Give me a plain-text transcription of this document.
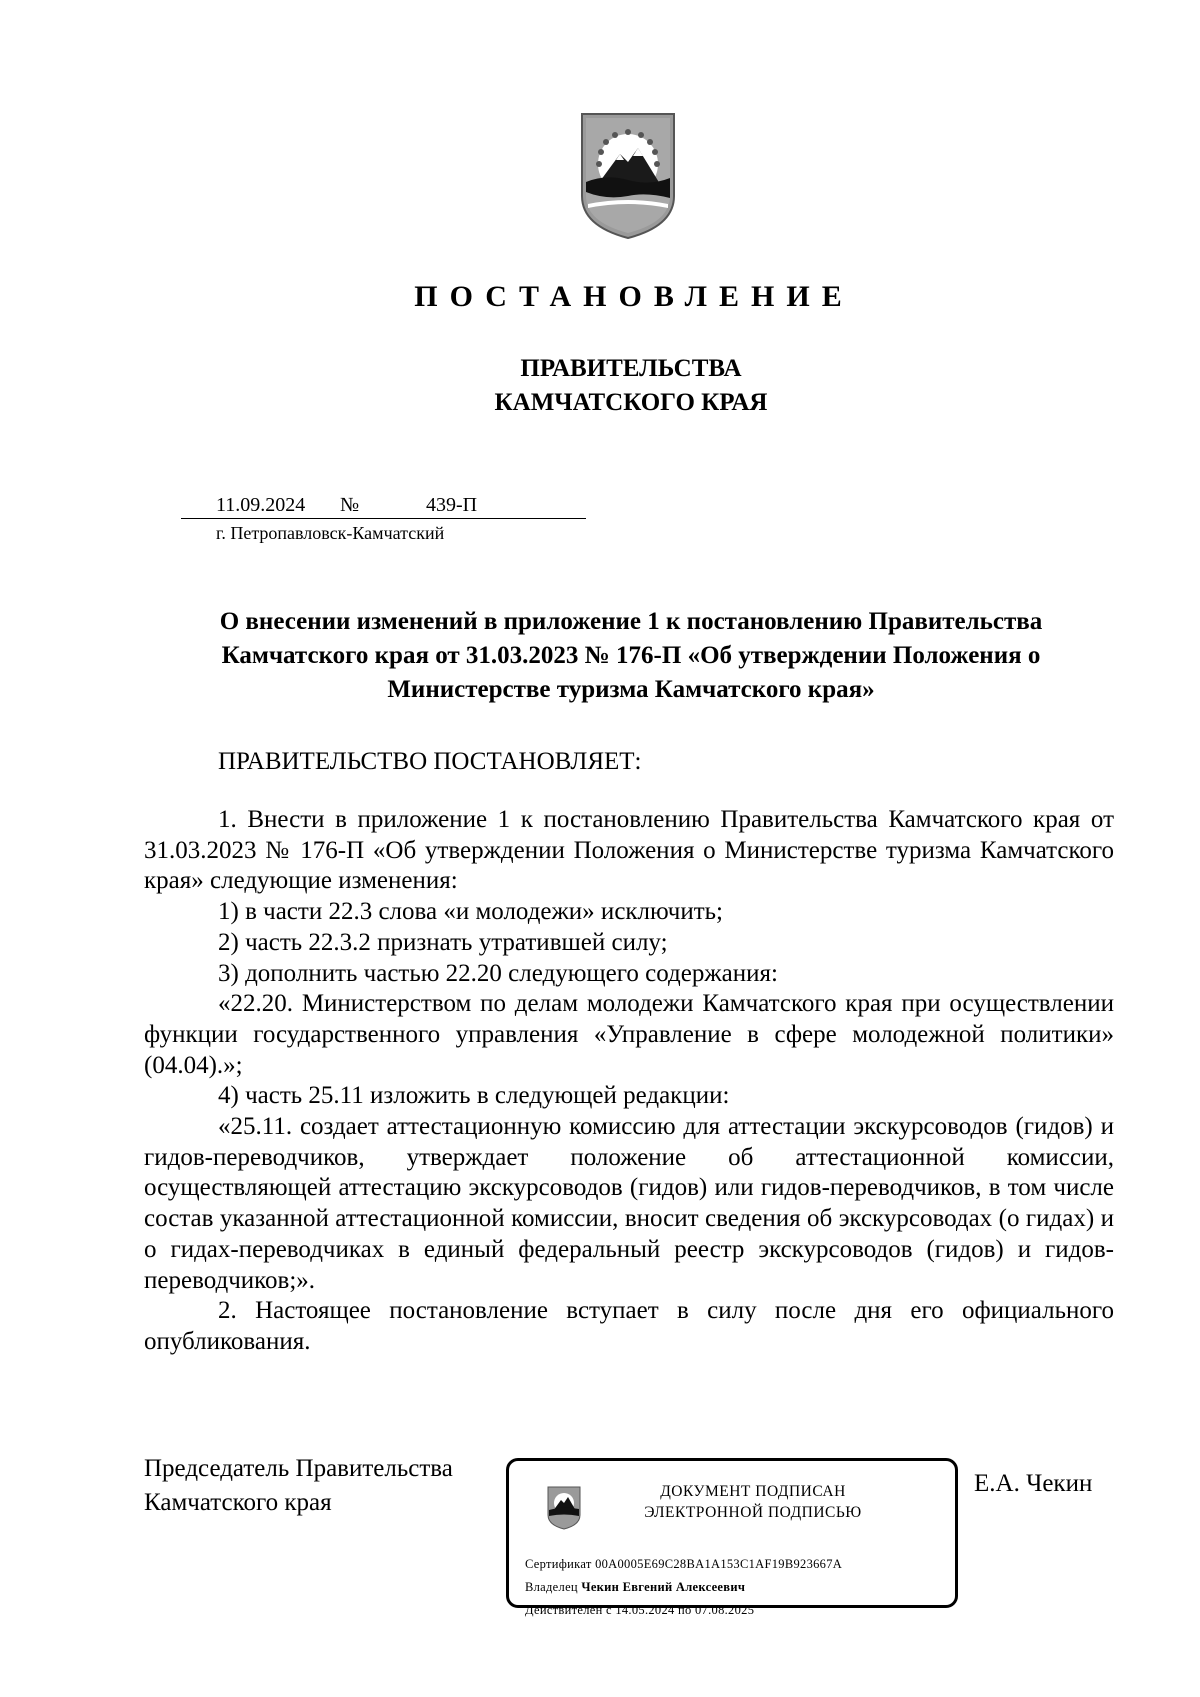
ПОСТАНОВЛЕНИЕ
ПРАВИТЕЛЬСТВА
КАМЧАТСКОГО КРАЯ
11.09.2024 №	439-П
г. Петропавловск-Камчатский
О внесении изменений в приложение 1 к постановлению Правительства
Камчатского края от 31.03.2023 № 176-П «Об утверждении Положения о
Министерстве туризма Камчатского края»
ПРАВИТЕЛЬСТВО ПОСТАНОВЛЯЕТ:

1. Внести в приложение 1 к постановлению Правительства Камчатского края от 31.03.2023 № 176-П «Об утверждении Положения о Министерстве туризма Камчатского края» следующие изменения:

1) в части 22.3 слова «и молодежи» исключить;

2) часть 22.3.2 признать утратившей силу;

3) дополнить частью 22.20 следующего содержания:

«22.20. Министерством по делам молодежи Камчатского края при осуществлении функции государственного управления «Управление в сфере молодежной политики» (04.04).»;

4) часть 25.11 изложить в следующей редакции:

«25.11. создает аттестационную комиссию для аттестации экскурсоводов (гидов) и гидов-переводчиков, утверждает положение об аттестационной комиссии, осуществляющей аттестацию экскурсоводов (гидов) или гидов-переводчиков, в том числе состав указанной аттестационной комиссии, вносит сведения об экскурсоводах (о гидах) и о гидах-переводчиках в единый федеральный реестр экскурсоводов (гидов) и гидов-переводчиков;».

2. Настоящее постановление вступает в силу после дня его официального опубликования.

Председатель Правительства
Камчатского края	ДОКУМЕНТ ПОДПИСАН
ЭЛЕКТРОННОЙ ПОДПИСЬЮ
Сертификат 00A0005E69C28BA1A153C1AF19B923667A
Владелец Чекин Евгений Алексеевич
Действителен с 14.05.2024 по 07.08.2025
Е.А. Чекин
